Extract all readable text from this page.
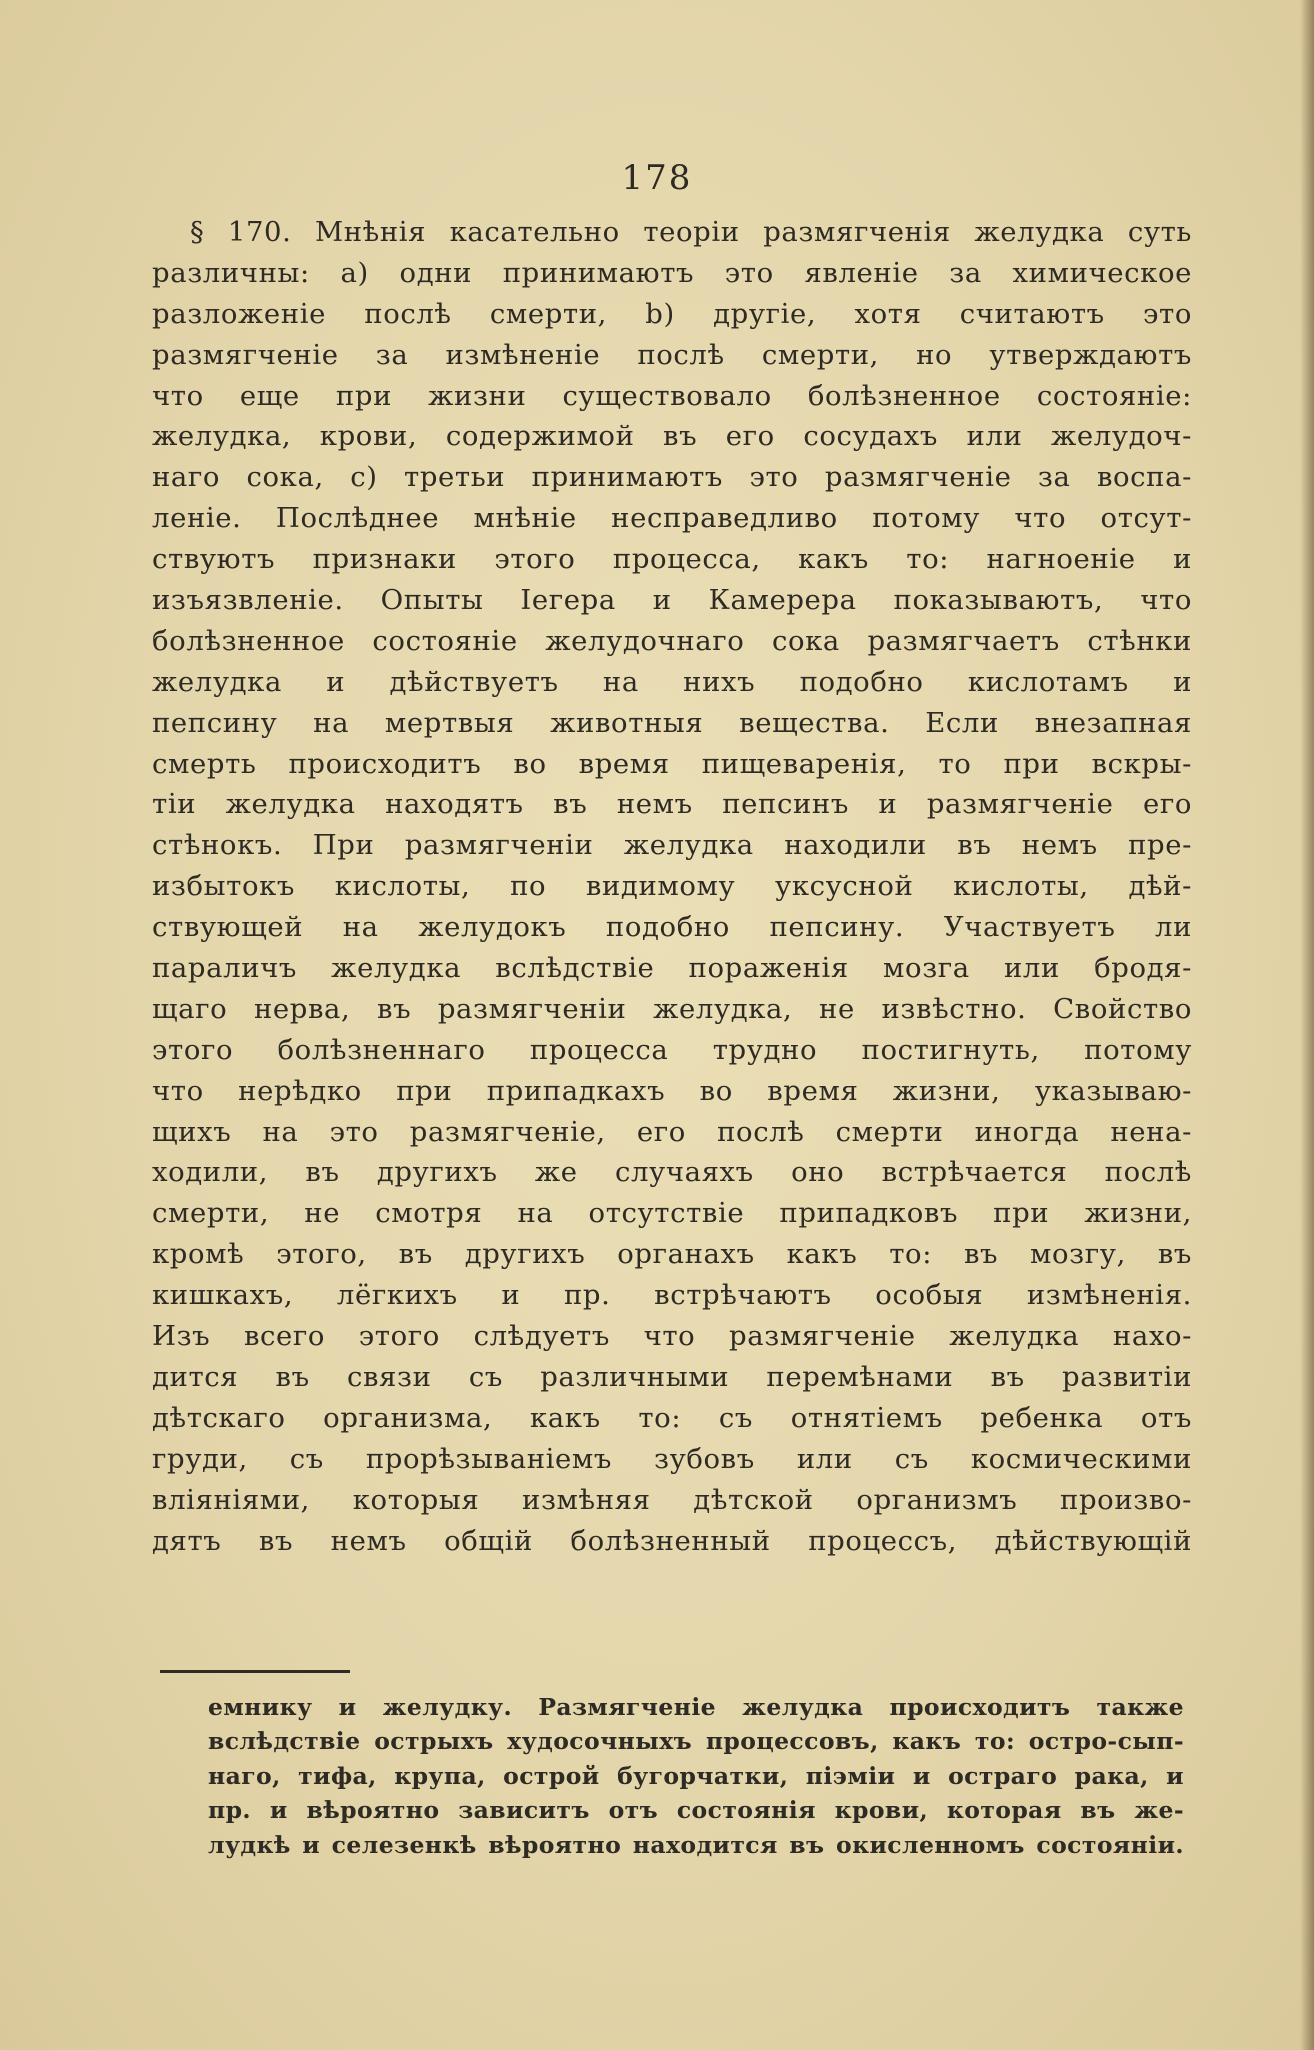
178
§ 170. Мнѣнія касательно теоріи размягченія желудка суть
различны: а) одни принимаютъ это явленіе за химическое
разложеніе послѣ смерти, b) другіе, хотя считаютъ это
размягченіе за измѣненіе послѣ смерти, но утверждаютъ
что еще при жизни существовало болѣзненное состояніе:
желудка, крови, содержимой въ его сосудахъ или желудоч-
наго сока, c) третьи принимаютъ это размягченіе за воспа-
леніе. Послѣднее мнѣніе несправедливо потому что отсут-
ствуютъ признаки этого процесса, какъ то: нагноеніе и
изъязвленіе. Опыты Іегера и Камерера показываютъ, что
болѣзненное состояніе желудочнаго сока размягчаетъ стѣнки
желудка и дѣйствуетъ на нихъ подобно кислотамъ и
пепсину на мертвыя животныя вещества. Если внезапная
смерть происходитъ во время пищеваренія, то при вскры-
тіи желудка находятъ въ немъ пепсинъ и размягченіе его
стѣнокъ. При размягченіи желудка находили въ немъ пре-
избытокъ кислоты, по видимому уксусной кислоты, дѣй-
ствующей на желудокъ подобно пепсину. Участвуетъ ли
параличъ желудка вслѣдствіе пораженія мозга или бродя-
щаго нерва, въ размягченіи желудка, не извѣстно. Свойство
этого болѣзненнаго процесса трудно постигнуть, потому
что нерѣдко при припадкахъ во время жизни, указываю-
щихъ на это размягченіе, его послѣ смерти иногда нена-
ходили, въ другихъ же случаяхъ оно встрѣчается послѣ
смерти, не смотря на отсутствіе припадковъ при жизни,
кромѣ этого, въ другихъ органахъ какъ то: въ мозгу, въ
кишкахъ, лёгкихъ и пр. встрѣчаютъ особыя измѣненія.
Изъ всего этого слѣдуетъ что размягченіе желудка нахо-
дится въ связи съ различными перемѣнами въ развитіи
дѣтскаго организма, какъ то: съ отнятіемъ ребенка отъ
груди, съ прорѣзываніемъ зубовъ или съ космическими
вліяніями, которыя измѣняя дѣтской организмъ произво-
дятъ въ немъ общій болѣзненный процессъ, дѣйствующій
емнику и желудку. Размягченіе желудка происходитъ также
вслѣдствіе острыхъ худосочныхъ процессовъ, какъ то: остро-сып-
наго, тифа, крупа, острой бугорчатки, піэміи и остраго рака, и
пр. и вѣроятно зависитъ отъ состоянія крови, которая въ же-
лудкѣ и селезенкѣ вѣроятно находится въ окисленномъ состояніи.
